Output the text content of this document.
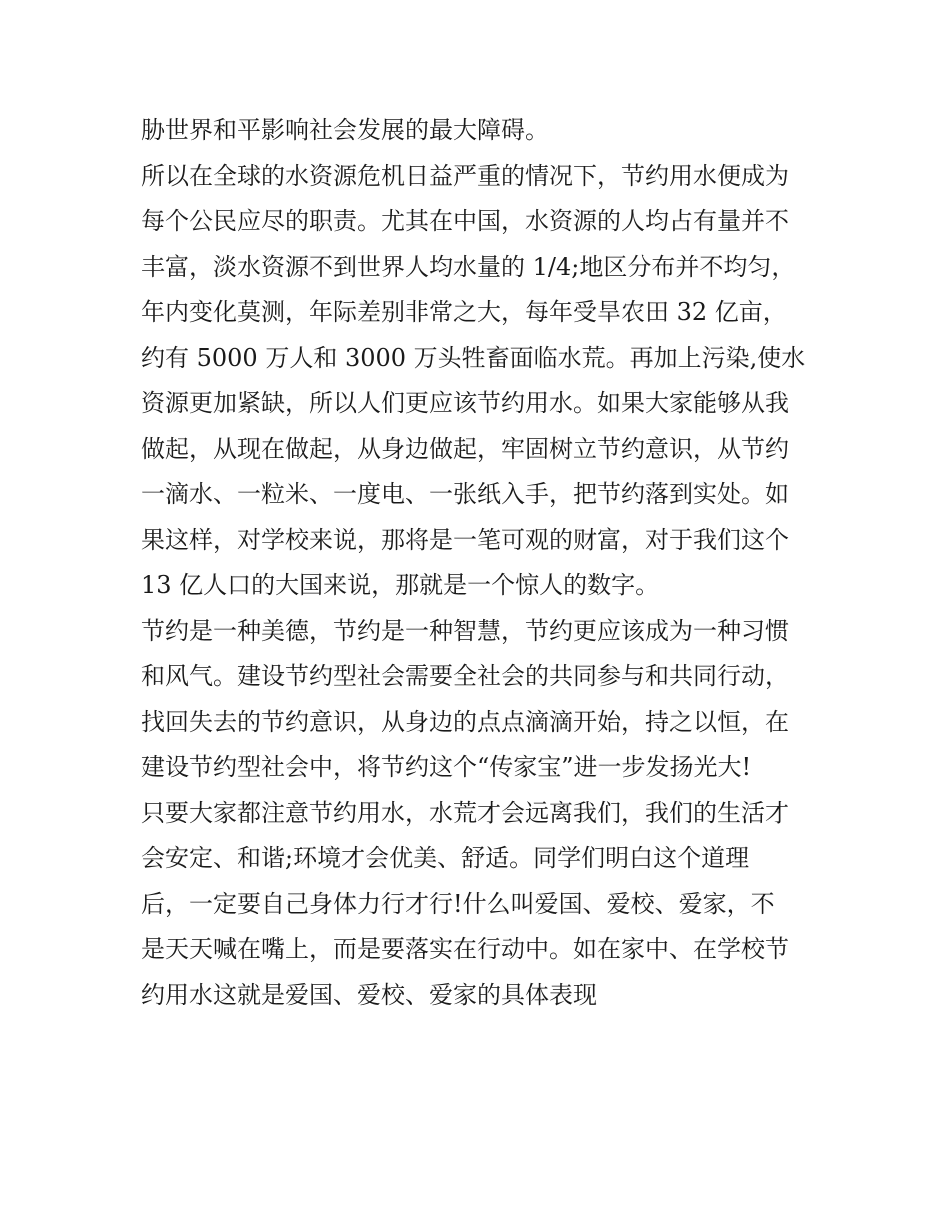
胁世界和平影响社会发展的最大障碍。
所以在全球的水资源危机日益严重的情况下，节约用水便成为
每个公民应尽的职责。尤其在中国，水资源的人均占有量并不
丰富，淡水资源不到世界人均水量的 1/4;地区分布并不均匀，
年内变化莫测，年际差别非常之大，每年受旱农田 32 亿亩，
约有 5000 万人和 3000 万头牲畜面临水荒。再加上污染,使水
资源更加紧缺，所以人们更应该节约用水。如果大家能够从我
做起，从现在做起，从身边做起，牢固树立节约意识，从节约
一滴水、一粒米、一度电、一张纸入手，把节约落到实处。如
果这样，对学校来说，那将是一笔可观的财富，对于我们这个
13 亿人口的大国来说，那就是一个惊人的数字。
节约是一种美德，节约是一种智慧，节约更应该成为一种习惯
和风气。建设节约型社会需要全社会的共同参与和共同行动，
找回失去的节约意识，从身边的点点滴滴开始，持之以恒，在
建设节约型社会中，将节约这个“传家宝”进一步发扬光大!
只要大家都注意节约用水，水荒才会远离我们，我们的生活才
会安定、和谐;环境才会优美、舒适。同学们明白这个道理
后，一定要自己身体力行才行!什么叫爱国、爱校、爱家，不
是天天喊在嘴上，而是要落实在行动中。如在家中、在学校节
约用水这就是爱国、爱校、爱家的具体表现
